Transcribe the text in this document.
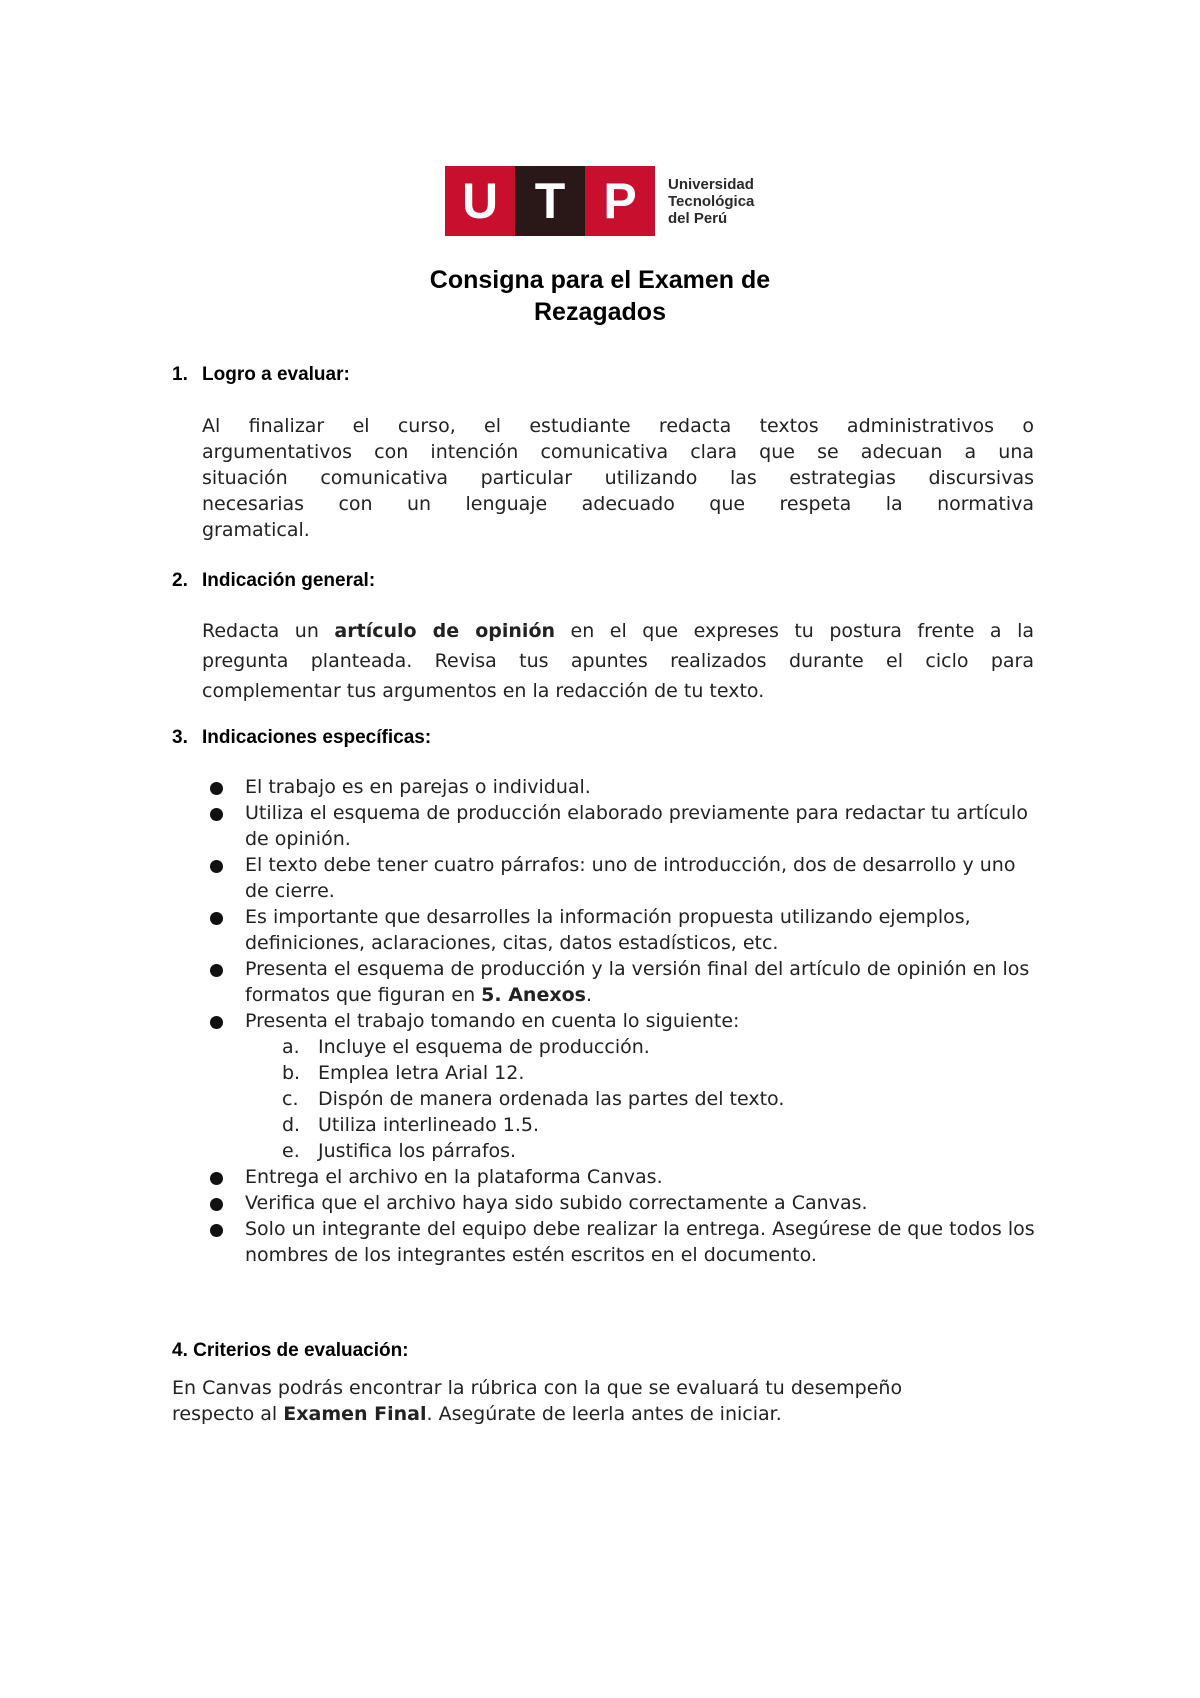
U T P	Universidad
Tecnológica
del Perú
Consigna para el Examen de
Rezagados
1. Logro a evaluar:
Al finalizar el curso, el estudiante redacta textos administrativos o
argumentativos con intención comunicativa clara que se adecuan a una
situación comunicativa particular utilizando las estrategias discursivas
necesarias con un lenguaje adecuado que respeta la normativa
gramatical.
2. Indicación general:
Redacta un artículo de opinión en el que expreses tu postura frente a la
pregunta planteada. Revisa tus apuntes realizados durante el ciclo para
complementar tus argumentos en la redacción de tu texto.
3. Indicaciones específicas:
El trabajo es en parejas o individual.
Utiliza el esquema de producción elaborado previamente para redactar tu artículo de opinión.
El texto debe tener cuatro párrafos: uno de introducción, dos de desarrollo y uno de cierre.
Es importante que desarrolles la información propuesta utilizando ejemplos, definiciones, aclaraciones, citas, datos estadísticos, etc.
Presenta el esquema de producción y la versión final del artículo de opinión en los formatos que figuran en 5. Anexos.
Presenta el trabajo tomando en cuenta lo siguiente:
a. Incluye el esquema de producción.
b. Emplea letra Arial 12.
c. Dispón de manera ordenada las partes del texto.
d. Utiliza interlineado 1.5.
e. Justifica los párrafos.
Entrega el archivo en la plataforma Canvas.
Verifica que el archivo haya sido subido correctamente a Canvas.
Solo un integrante del equipo debe realizar la entrega. Asegúrese de que todos los nombres de los integrantes estén escritos en el documento.
4. Criterios de evaluación:
En Canvas podrás encontrar la rúbrica con la que se evaluará tu desempeño
respecto al Examen Final. Asegúrate de leerla antes de iniciar.
